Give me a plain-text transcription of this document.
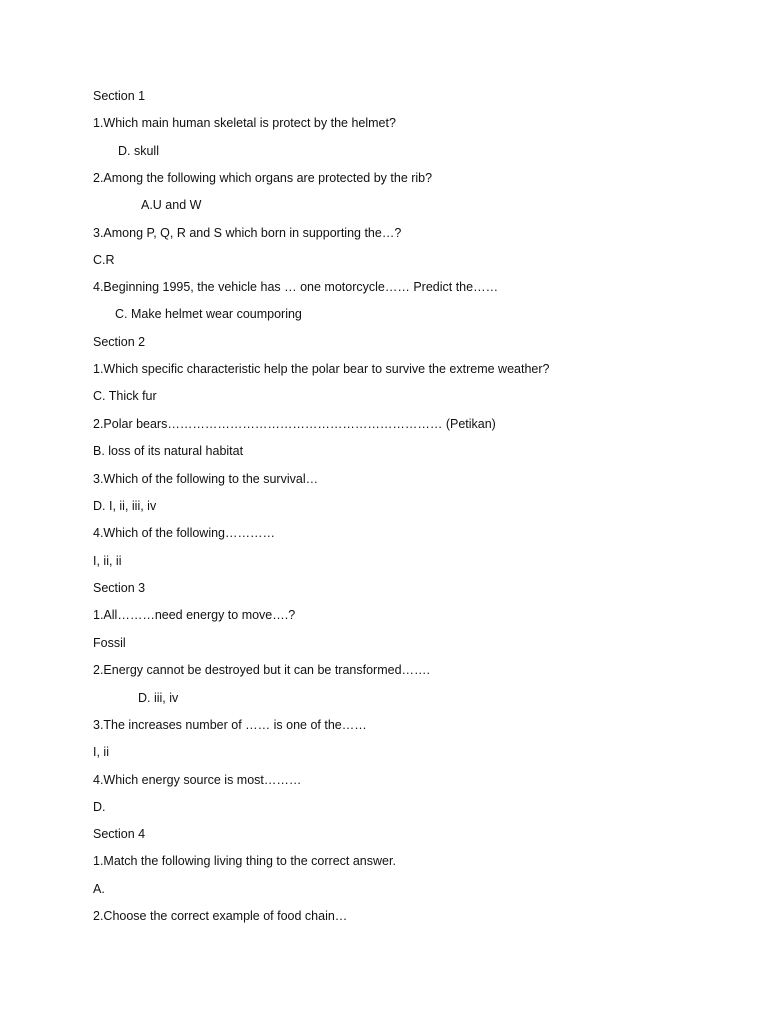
Section 1
1.Which main human skeletal is protect by the helmet?
D. skull
2.Among the following which organs are protected by the rib?
A.U and W
3.Among P, Q, R and S which born in supporting the…?
C.R
4.Beginning 1995, the vehicle has … one motorcycle…… Predict the……
C. Make helmet wear coumporing
Section 2
1.Which specific characteristic help the polar bear to survive the extreme weather?
C. Thick fur
2.Polar bears………………………………………………………… (Petikan)
B. loss of its natural habitat
3.Which of the following to the survival…
D. I, ii, iii, iv
4.Which of the following…………
I, ii, ii
Section 3
1.All………need energy to move….?
Fossil
2.Energy cannot be destroyed but it can be transformed…….
D. iii, iv
3.The increases number of …… is one of the……
I, ii
4.Which energy source is most………
D.
Section 4
1.Match the following living thing to the correct answer.
A.
2.Choose the correct example of food chain…
